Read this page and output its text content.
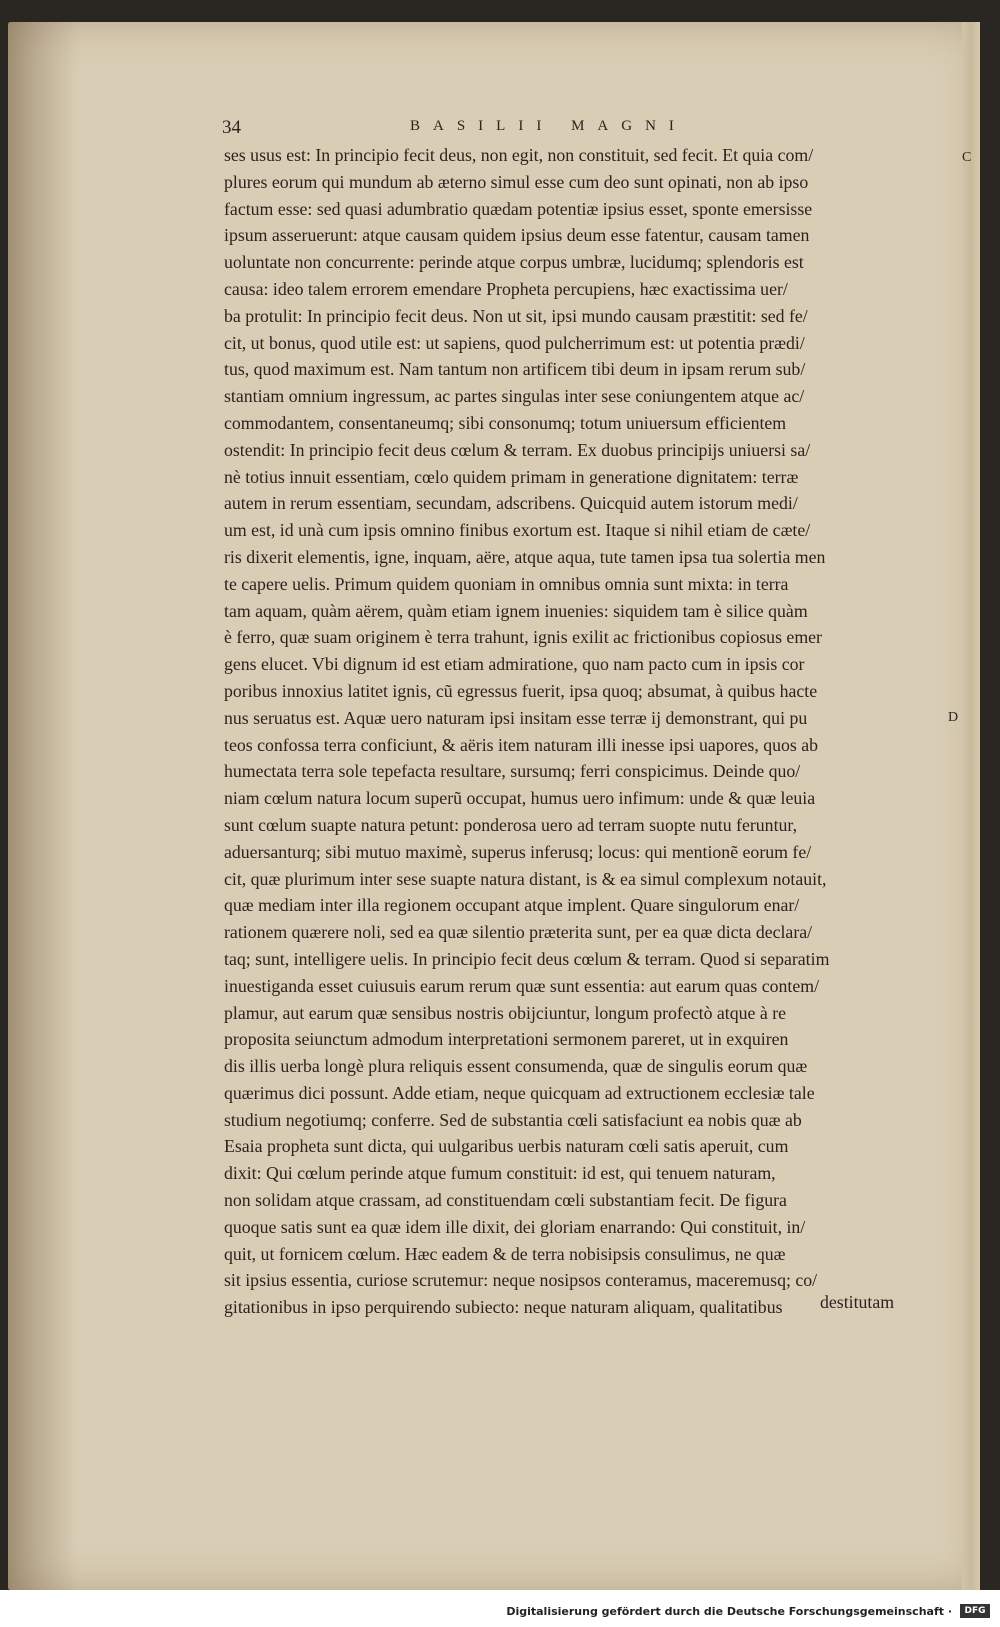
34	BASILII MAGNI
C
D
ses usus est: In principio fecit deus, non egit, non constituit, sed fecit. Et quia com/
plures eorum qui mundum ab æterno simul esse cum deo sunt opinati, non ab ipso
factum esse: sed quasi adumbratio quædam potentiæ ipsius esset, sponte emersisse
ipsum asseruerunt: atque causam quidem ipsius deum esse fatentur, causam tamen
uoluntate non concurrente: perinde atque corpus umbræ, lucidumq; splendoris est
causa: ideo talem errorem emendare Propheta percupiens, hæc exactissima uer/
ba protulit: In principio fecit deus. Non ut sit, ipsi mundo causam præstitit: sed fe/
cit, ut bonus, quod utile est: ut sapiens, quod pulcherrimum est: ut potentia prædi/
tus, quod maximum est. Nam tantum non artificem tibi deum in ipsam rerum sub/
stantiam omnium ingressum, ac partes singulas inter sese coniungentem atque ac/
commodantem, consentaneumq; sibi consonumq; totum uniuersum efficientem
ostendit: In principio fecit deus cœlum & terram. Ex duobus principijs uniuersi sa/
nè totius innuit essentiam, cœlo quidem primam in generatione dignitatem: terræ
autem in rerum essentiam, secundam, adscribens. Quicquid autem istorum medi/
um est, id unà cum ipsis omnino finibus exortum est. Itaque si nihil etiam de cæte/
ris dixerit elementis, igne, inquam, aëre, atque aqua, tute tamen ipsa tua solertia men
te capere uelis. Primum quidem quoniam in omnibus omnia sunt mixta: in terra
tam aquam, quàm aërem, quàm etiam ignem inuenies: siquidem tam è silice quàm
è ferro, quæ suam originem è terra trahunt, ignis exilit ac frictionibus copiosus emer
gens elucet. Vbi dignum id est etiam admiratione, quo nam pacto cum in ipsis cor
poribus innoxius latitet ignis, cũ egressus fuerit, ipsa quoq; absumat, à quibus hacte
nus seruatus est. Aquæ uero naturam ipsi insitam esse terræ ij demonstrant, qui pu
teos confossa terra conficiunt, & aëris item naturam illi inesse ipsi uapores, quos ab
humectata terra sole tepefacta resultare, sursumq; ferri conspicimus. Deinde quo/
niam cœlum natura locum superũ occupat, humus uero infimum: unde & quæ leuia
sunt cœlum suapte natura petunt: ponderosa uero ad terram suopte nutu feruntur,
aduersanturq; sibi mutuo maximè, superus inferusq; locus: qui mentionẽ eorum fe/
cit, quæ plurimum inter sese suapte natura distant, is & ea simul complexum notauit,
quæ mediam inter illa regionem occupant atque implent. Quare singulorum enar/
rationem quærere noli, sed ea quæ silentio præterita sunt, per ea quæ dicta declara/
taq; sunt, intelligere uelis. In principio fecit deus cœlum & terram. Quod si separatim
inuestiganda esset cuiusuis earum rerum quæ sunt essentia: aut earum quas contem/
plamur, aut earum quæ sensibus nostris obijciuntur, longum profectò atque à re
proposita seiunctum admodum interpretationi sermonem pareret, ut in exquiren
dis illis uerba longè plura reliquis essent consumenda, quæ de singulis eorum quæ
quærimus dici possunt. Adde etiam, neque quicquam ad extructionem ecclesiæ tale
studium negotiumq; conferre. Sed de substantia cœli satisfaciunt ea nobis quæ ab
Esaia propheta sunt dicta, qui uulgaribus uerbis naturam cœli satis aperuit, cum
dixit: Qui cœlum perinde atque fumum constituit: id est, qui tenuem naturam,
non solidam atque crassam, ad constituendam cœli substantiam fecit. De figura
quoque satis sunt ea quæ idem ille dixit, dei gloriam enarrando: Qui constituit, in/
quit, ut fornicem cœlum. Hæc eadem & de terra nobisipsis consulimus, ne quæ
sit ipsius essentia, curiose scrutemur: neque nosipsos conteramus, maceremusq; co/
gitationibus in ipso perquirendo subiecto: neque naturam aliquam, qualitatibus	destitutam
Digitalisierung gefördert durch die Deutsche Forschungsgemeinschaft ·	DFG
